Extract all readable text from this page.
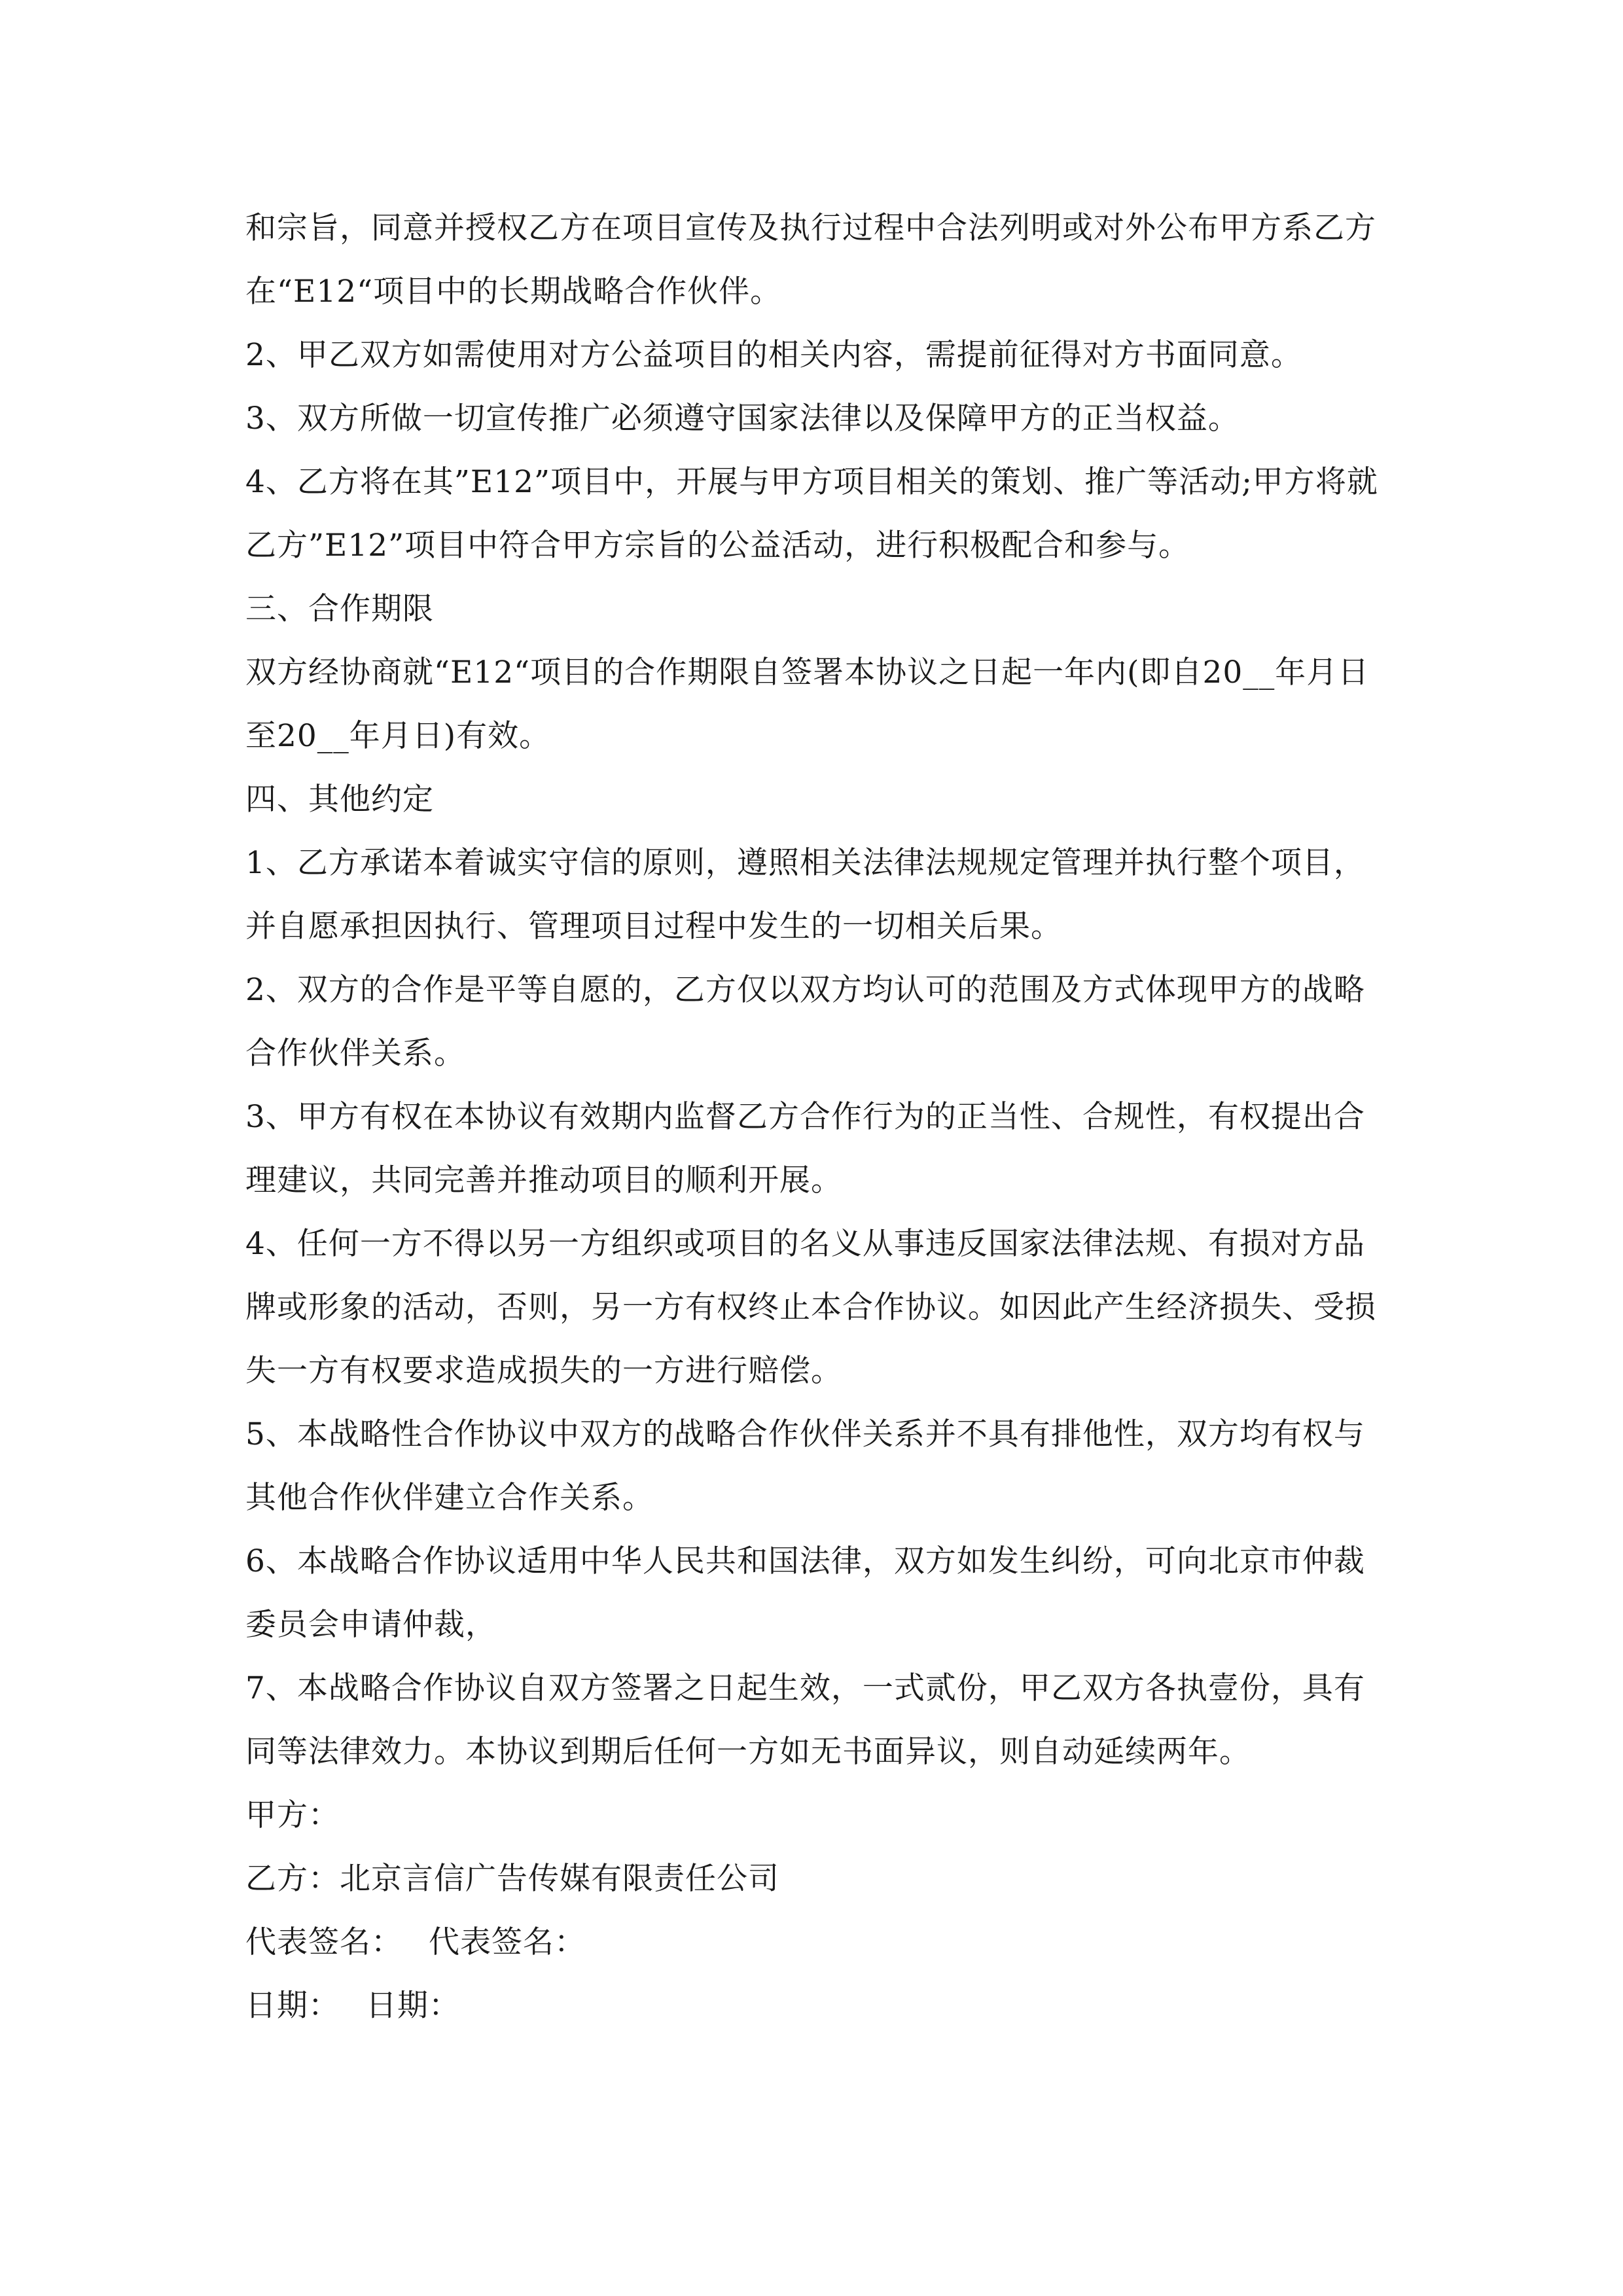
和宗旨，同意并授权乙方在项目宣传及执行过程中合法列明或对外公布甲方系乙方在“E12“项目中的长期战略合作伙伴。

2、甲乙双方如需使用对方公益项目的相关内容，需提前征得对方书面同意。

3、双方所做一切宣传推广必须遵守国家法律以及保障甲方的正当权益。

4、乙方将在其”E12”项目中，开展与甲方项目相关的策划、推广等活动;甲方将就乙方”E12”项目中符合甲方宗旨的公益活动，进行积极配合和参与。

三、合作期限

双方经协商就“E12“项目的合作期限自签署本协议之日起一年内(即自20__年月日至20__年月日)有效。

四、其他约定

1、乙方承诺本着诚实守信的原则，遵照相关法律法规规定管理并执行整个项目，并自愿承担因执行、管理项目过程中发生的一切相关后果。

2、双方的合作是平等自愿的，乙方仅以双方均认可的范围及方式体现甲方的战略合作伙伴关系。

3、甲方有权在本协议有效期内监督乙方合作行为的正当性、合规性，有权提出合理建议，共同完善并推动项目的顺利开展。

4、任何一方不得以另一方组织或项目的名义从事违反国家法律法规、有损对方品牌或形象的活动，否则，另一方有权终止本合作协议。如因此产生经济损失、受损失一方有权要求造成损失的一方进行赔偿。

5、本战略性合作协议中双方的战略合作伙伴关系并不具有排他性，双方均有权与其他合作伙伴建立合作关系。

6、本战略合作协议适用中华人民共和国法律，双方如发生纠纷，可向北京市仲裁委员会申请仲裁，

7、本战略合作协议自双方签署之日起生效，一式贰份，甲乙双方各执壹份，具有同等法律效力。本协议到期后任何一方如无书面异议，则自动延续两年。

甲方：

乙方：北京言信广告传媒有限责任公司

代表签名： 代表签名：

日期： 日期：
